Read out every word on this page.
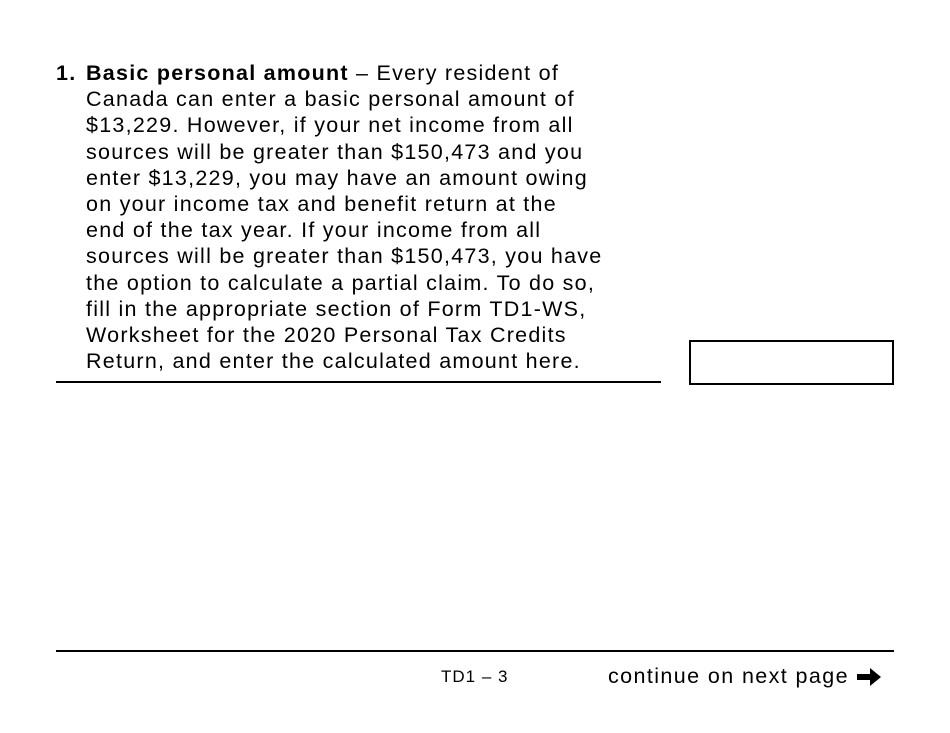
1. Basic personal amount – Every resident of
Canada can enter a basic personal amount of
$13,229. However, if your net income from all
sources will be greater than $150,473 and you
enter $13,229, you may have an amount owing
on your income tax and benefit return at the
end of the tax year. If your income from all
sources will be greater than $150,473, you have
the option to calculate a partial claim. To do so,
fill in the appropriate section of Form TD1-WS,
Worksheet for the 2020 Personal Tax Credits
Return, and enter the calculated amount here.
TD1 – 3	continue on next page
